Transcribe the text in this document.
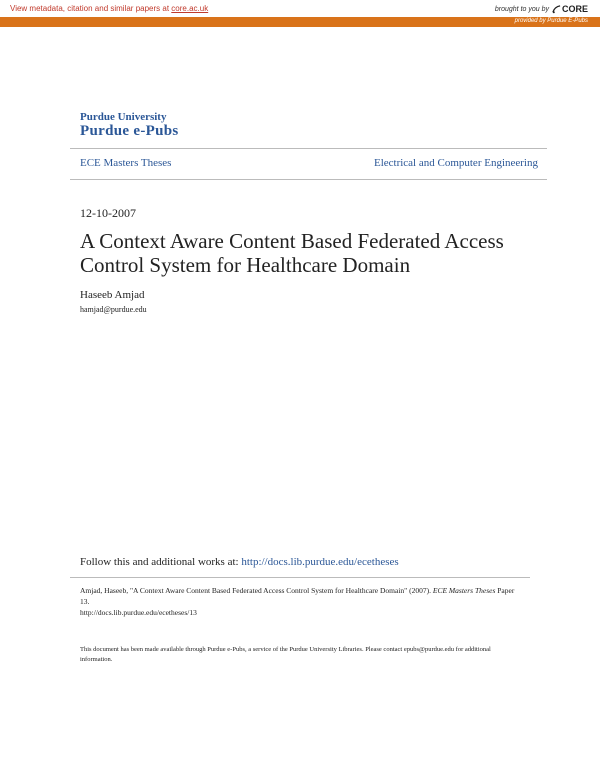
View metadata, citation and similar papers at core.ac.uk	brought to you by CORE
provided by Purdue E-Pubs
Purdue University
Purdue e-Pubs
ECE Masters Theses	Electrical and Computer Engineering
12-10-2007
A Context Aware Content Based Federated Access Control System for Healthcare Domain
Haseeb Amjad
hamjad@purdue.edu
Follow this and additional works at: http://docs.lib.purdue.edu/ecetheses
Amjad, Haseeb, "A Context Aware Content Based Federated Access Control System for Healthcare Domain" (2007). ECE Masters Theses Paper 13.
http://docs.lib.purdue.edu/ecetheses/13
This document has been made available through Purdue e-Pubs, a service of the Purdue University Libraries. Please contact epubs@purdue.edu for additional information.
